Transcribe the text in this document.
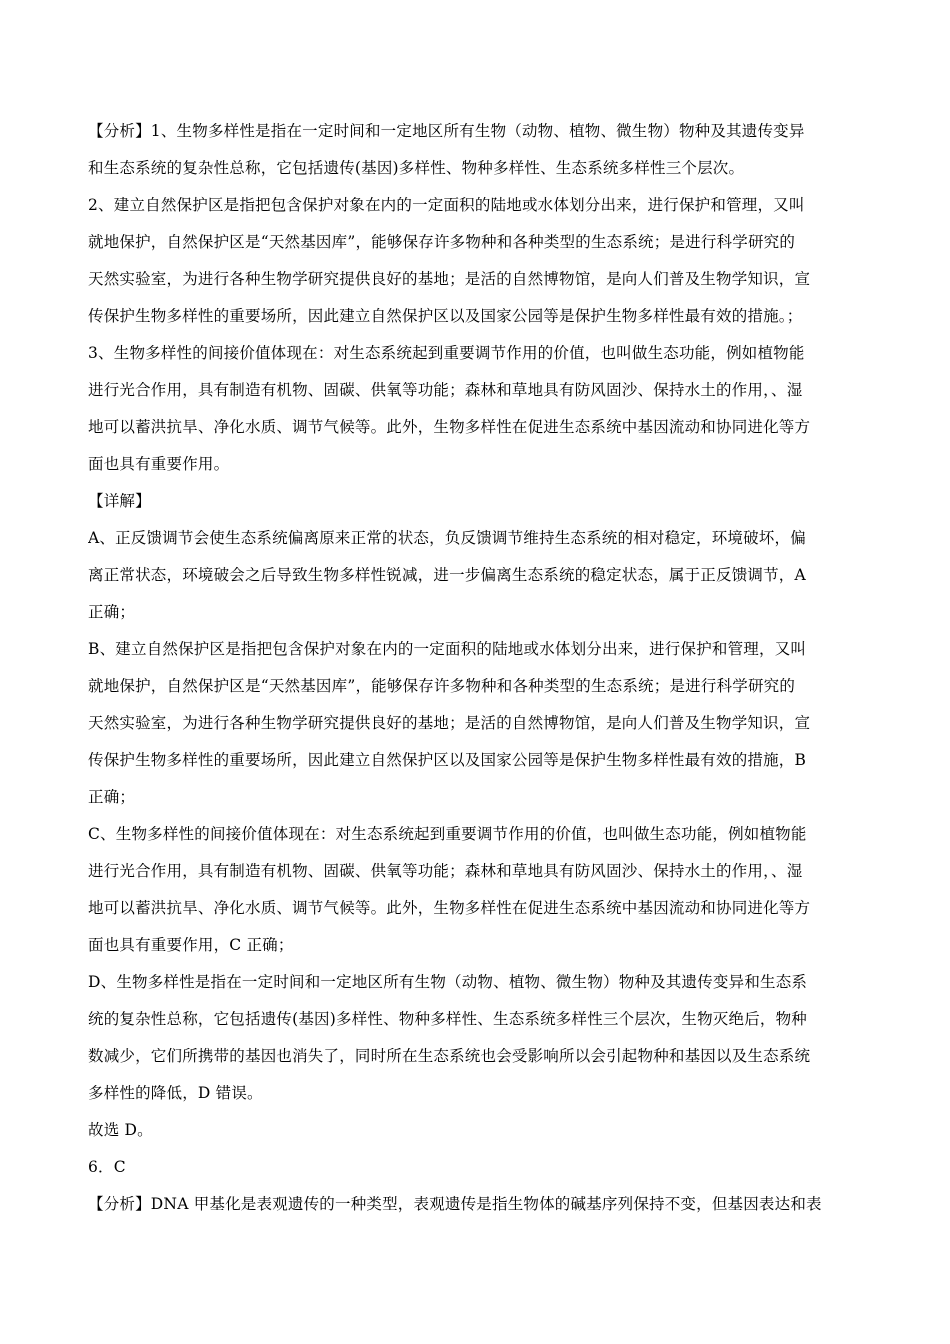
【分析】1、生物多样性是指在一定时间和一定地区所有生物（动物、植物、微生物）物种及其遗传变异
和生态系统的复杂性总称，它包括遗传(基因)多样性、物种多样性、生态系统多样性三个层次。
2、建立自然保护区是指把包含保护对象在内的一定面积的陆地或水体划分出来，进行保护和管理，又叫
就地保护，自然保护区是“天然基因库”，能够保存许多物种和各种类型的生态系统；是进行科学研究的
天然实验室，为进行各种生物学研究提供良好的基地；是活的自然博物馆，是向人们普及生物学知识，宣
传保护生物多样性的重要场所，因此建立自然保护区以及国家公园等是保护生物多样性最有效的措施。；
3、生物多样性的间接价值体现在：对生态系统起到重要调节作用的价值，也叫做生态功能，例如植物能
进行光合作用，具有制造有机物、固碳、供氧等功能；森林和草地具有防风固沙、保持水土的作用，、湿
地可以蓄洪抗旱、净化水质、调节气候等。此外，生物多样性在促进生态系统中基因流动和协同进化等方
面也具有重要作用。
【详解】
A、正反馈调节会使生态系统偏离原来正常的状态，负反馈调节维持生态系统的相对稳定，环境破坏，偏
离正常状态，环境破会之后导致生物多样性锐减，进一步偏离生态系统的稳定状态，属于正反馈调节，A
正确；
B、建立自然保护区是指把包含保护对象在内的一定面积的陆地或水体划分出来，进行保护和管理，又叫
就地保护，自然保护区是“天然基因库”，能够保存许多物种和各种类型的生态系统；是进行科学研究的
天然实验室，为进行各种生物学研究提供良好的基地；是活的自然博物馆，是向人们普及生物学知识，宣
传保护生物多样性的重要场所，因此建立自然保护区以及国家公园等是保护生物多样性最有效的措施，B
正确；
C、生物多样性的间接价值体现在：对生态系统起到重要调节作用的价值，也叫做生态功能，例如植物能
进行光合作用，具有制造有机物、固碳、供氧等功能；森林和草地具有防风固沙、保持水土的作用，、湿
地可以蓄洪抗旱、净化水质、调节气候等。此外，生物多样性在促进生态系统中基因流动和协同进化等方
面也具有重要作用，C 正确；
D、生物多样性是指在一定时间和一定地区所有生物（动物、植物、微生物）物种及其遗传变异和生态系
统的复杂性总称，它包括遗传(基因)多样性、物种多样性、生态系统多样性三个层次，生物灭绝后，物种
数减少，它们所携带的基因也消失了，同时所在生态系统也会受影响所以会引起物种和基因以及生态系统
多样性的降低，D 错误。
故选 D。
6．C
【分析】DNA 甲基化是表观遗传的一种类型，表观遗传是指生物体的碱基序列保持不变，但基因表达和表
